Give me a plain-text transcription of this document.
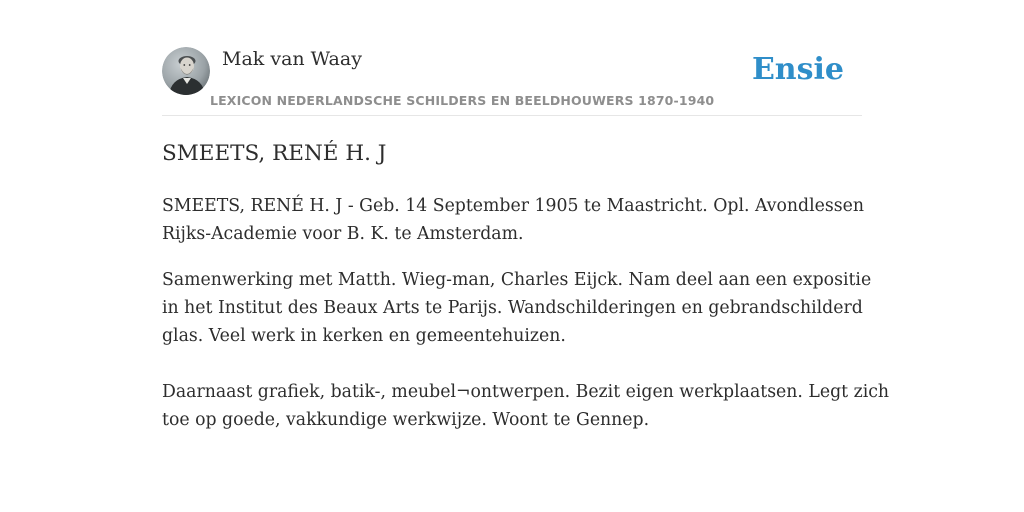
Mak van Waay
LEXICON NEDERLANDSCHE SCHILDERS EN BEELDHOUWERS 1870-1940
Ensie
SMEETS, RENÉ H. J

SMEETS, RENÉ H. J - Geb. 14 September 1905 te Maastricht. Opl. Avondlessen

Rijks-Academie voor B. K. te Amsterdam.

Samenwerking met Matth. Wieg-man, Charles Eijck. Nam deel aan een expositie

in het Institut des Beaux Arts te Parijs. Wandschilderingen en gebrandschilderd

glas. Veel werk in kerken en gemeentehuizen.

Daarnaast grafiek, batik-, meubel¬ontwerpen. Bezit eigen werkplaatsen. Legt zich

toe op goede, vakkundige werkwijze. Woont te Gennep.
